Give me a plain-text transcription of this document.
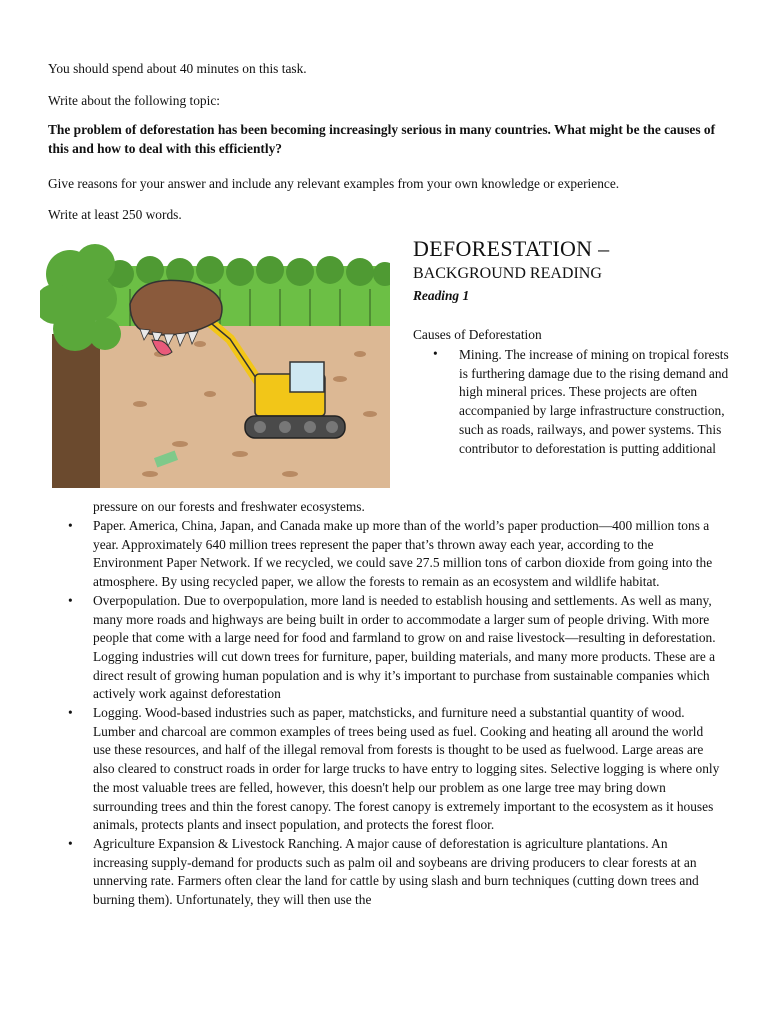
You should spend about 40 minutes on this task.
Write about the following topic:
The problem of deforestation has been becoming increasingly serious in many countries. What might be the causes of this and how to deal with this efficiently?
Give reasons for your answer and include any relevant examples from your own knowledge or experience.
Write at least 250 words.
DEFORESTATION –
BACKGROUND READING
Reading 1
Causes of Deforestation
• Mining. The increase of mining on tropical forests is furthering damage due to the rising demand and high mineral prices. These projects are often accompanied by large infrastructure construction, such as roads, railways, and power systems. This contributor to deforestation is putting additional
pressure on our forests and freshwater ecosystems.
• Paper. America, China, Japan, and Canada make up more than of the world’s paper production—400 million tons a year. Approximately 640 million trees represent the paper that’s thrown away each year, according to the Environment Paper Network. If we recycled, we could save 27.5 million tons of carbon dioxide from going into the atmosphere. By using recycled paper, we allow the forests to remain as an ecosystem and wildlife habitat.
• Overpopulation. Due to overpopulation, more land is needed to establish housing and settlements. As well as many, many more roads and highways are being built in order to accommodate a larger sum of people driving. With more people that come with a large need for food and farmland to grow on and raise livestock—resulting in deforestation. Logging industries will cut down trees for furniture, paper, building materials, and many more products. These are a direct result of growing human population and is why it’s important to purchase from sustainable companies which actively work against deforestation
• Logging. Wood-based industries such as paper, matchsticks, and furniture need a substantial quantity of wood. Lumber and charcoal are common examples of trees being used as fuel. Cooking and heating all around the world use these resources, and half of the illegal removal from forests is thought to be used as fuelwood. Large areas are also cleared to construct roads in order for large trucks to have entry to logging sites. Selective logging is where only the most valuable trees are felled, however, this doesn't help our problem as one large tree may bring down surrounding trees and thin the forest canopy. The forest canopy is extremely important to the ecosystem as it houses animals, protects plants and insect population, and protects the forest floor.
• Agriculture Expansion & Livestock Ranching. A major cause of deforestation is agriculture plantations. An increasing supply-demand for products such as palm oil and soybeans are driving producers to clear forests at an unnerving rate. Farmers often clear the land for cattle by using slash and burn techniques (cutting down trees and burning them). Unfortunately, they will then use the
